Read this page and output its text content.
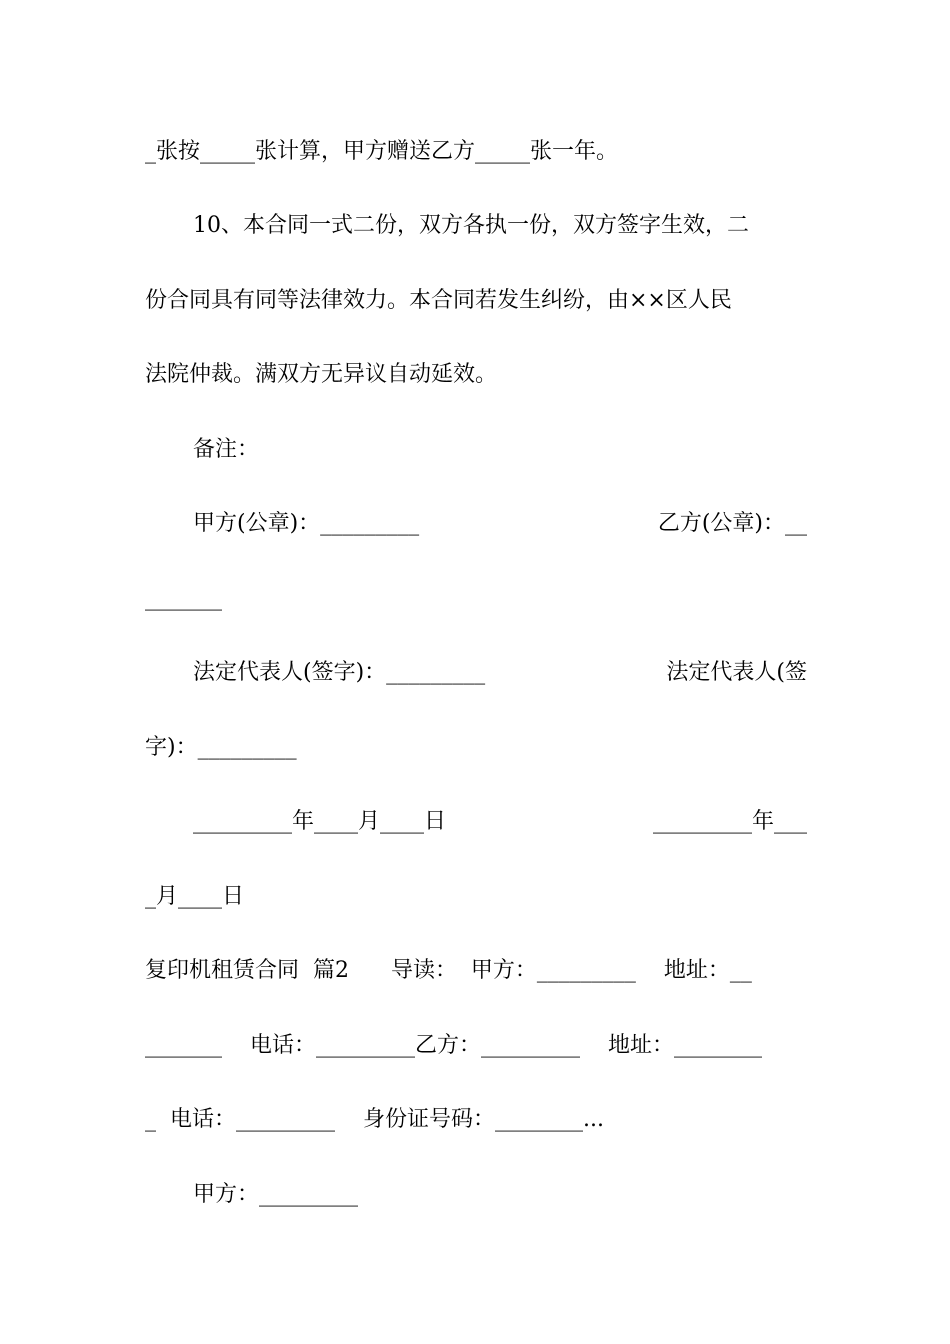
_张按_____张计算，甲方赠送乙方_____张一年。
10、本合同一式二份，双方各执一份，双方签字生效，二
份合同具有同等法律效力。本合同若发生纠纷，由××区人民
法院仲裁。满双方无异议自动延效。
备注：
甲方(公章)：_________	乙方(公章)：__
_______
法定代表人(签字)：_________	法定代表人(签
字)：_________
_________年____月____日	_________年___
_月____日
复印机租赁合同  篇2      导读：  甲方：_________    地址：__
_______    电话：_________乙方：_________    地址：________
_  电话：_________    身份证号码：________...
甲方：_________
